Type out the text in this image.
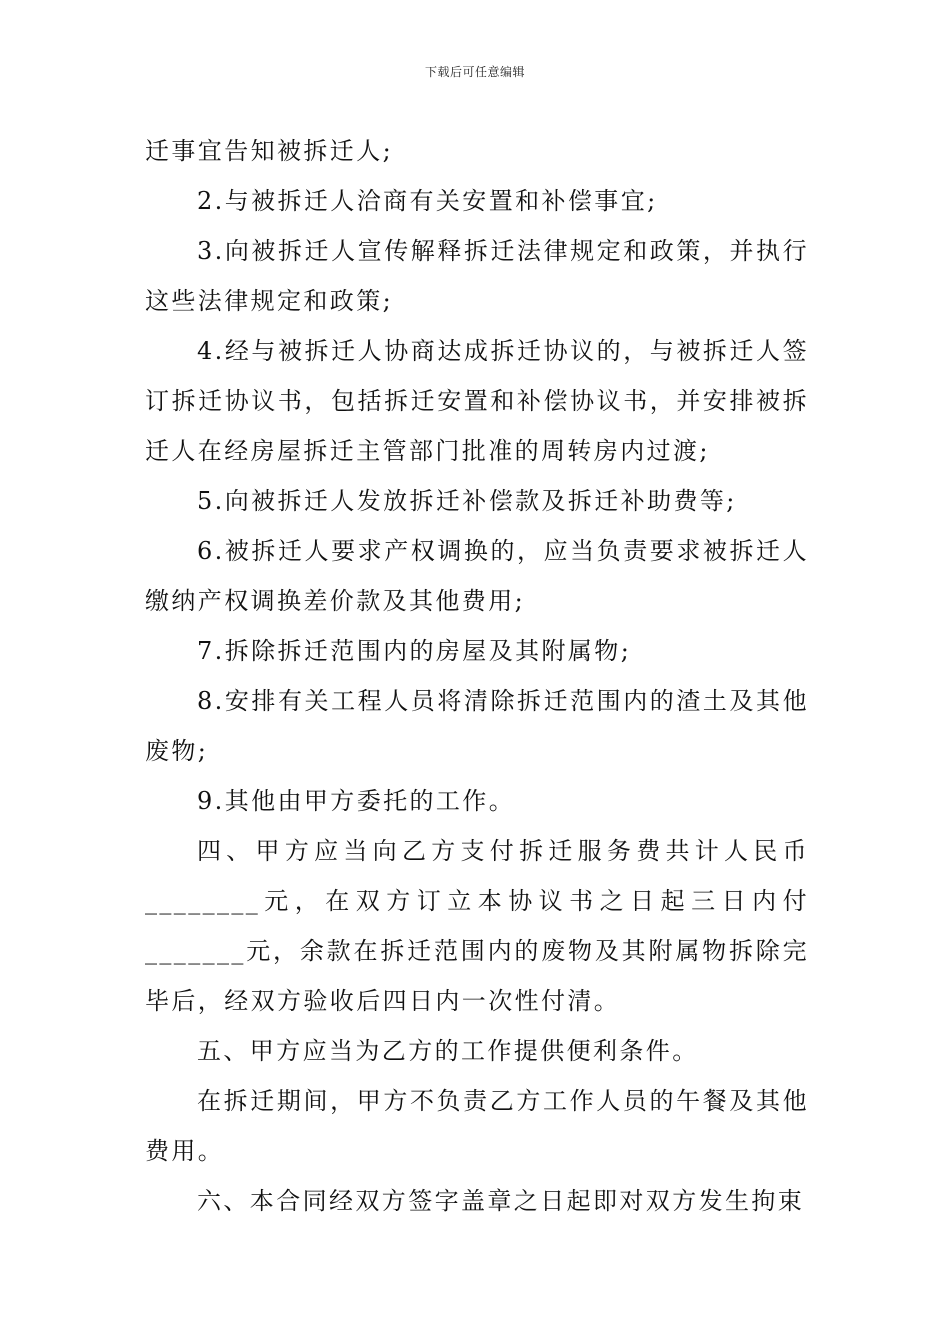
下载后可任意编辑

迁事宜告知被拆迁人;

2.与被拆迁人洽商有关安置和补偿事宜;

3.向被拆迁人宣传解释拆迁法律规定和政策，并执行这些法律规定和政策;

4.经与被拆迁人协商达成拆迁协议的，与被拆迁人签订拆迁协议书，包括拆迁安置和补偿协议书，并安排被拆迁人在经房屋拆迁主管部门批准的周转房内过渡;

5.向被拆迁人发放拆迁补偿款及拆迁补助费等;

6.被拆迁人要求产权调换的，应当负责要求被拆迁人缴纳产权调换差价款及其他费用;

7.拆除拆迁范围内的房屋及其附属物;

8.安排有关工程人员将清除拆迁范围内的渣土及其他废物;

9.其他由甲方委托的工作。

四、甲方应当向乙方支付拆迁服务费共计人民币________元，在双方订立本协议书之日起三日内付_______元，余款在拆迁范围内的废物及其附属物拆除完毕后，经双方验收后四日内一次性付清。

五、甲方应当为乙方的工作提供便利条件。

在拆迁期间，甲方不负责乙方工作人员的午餐及其他费用。

六、本合同经双方签字盖章之日起即对双方发生拘束
